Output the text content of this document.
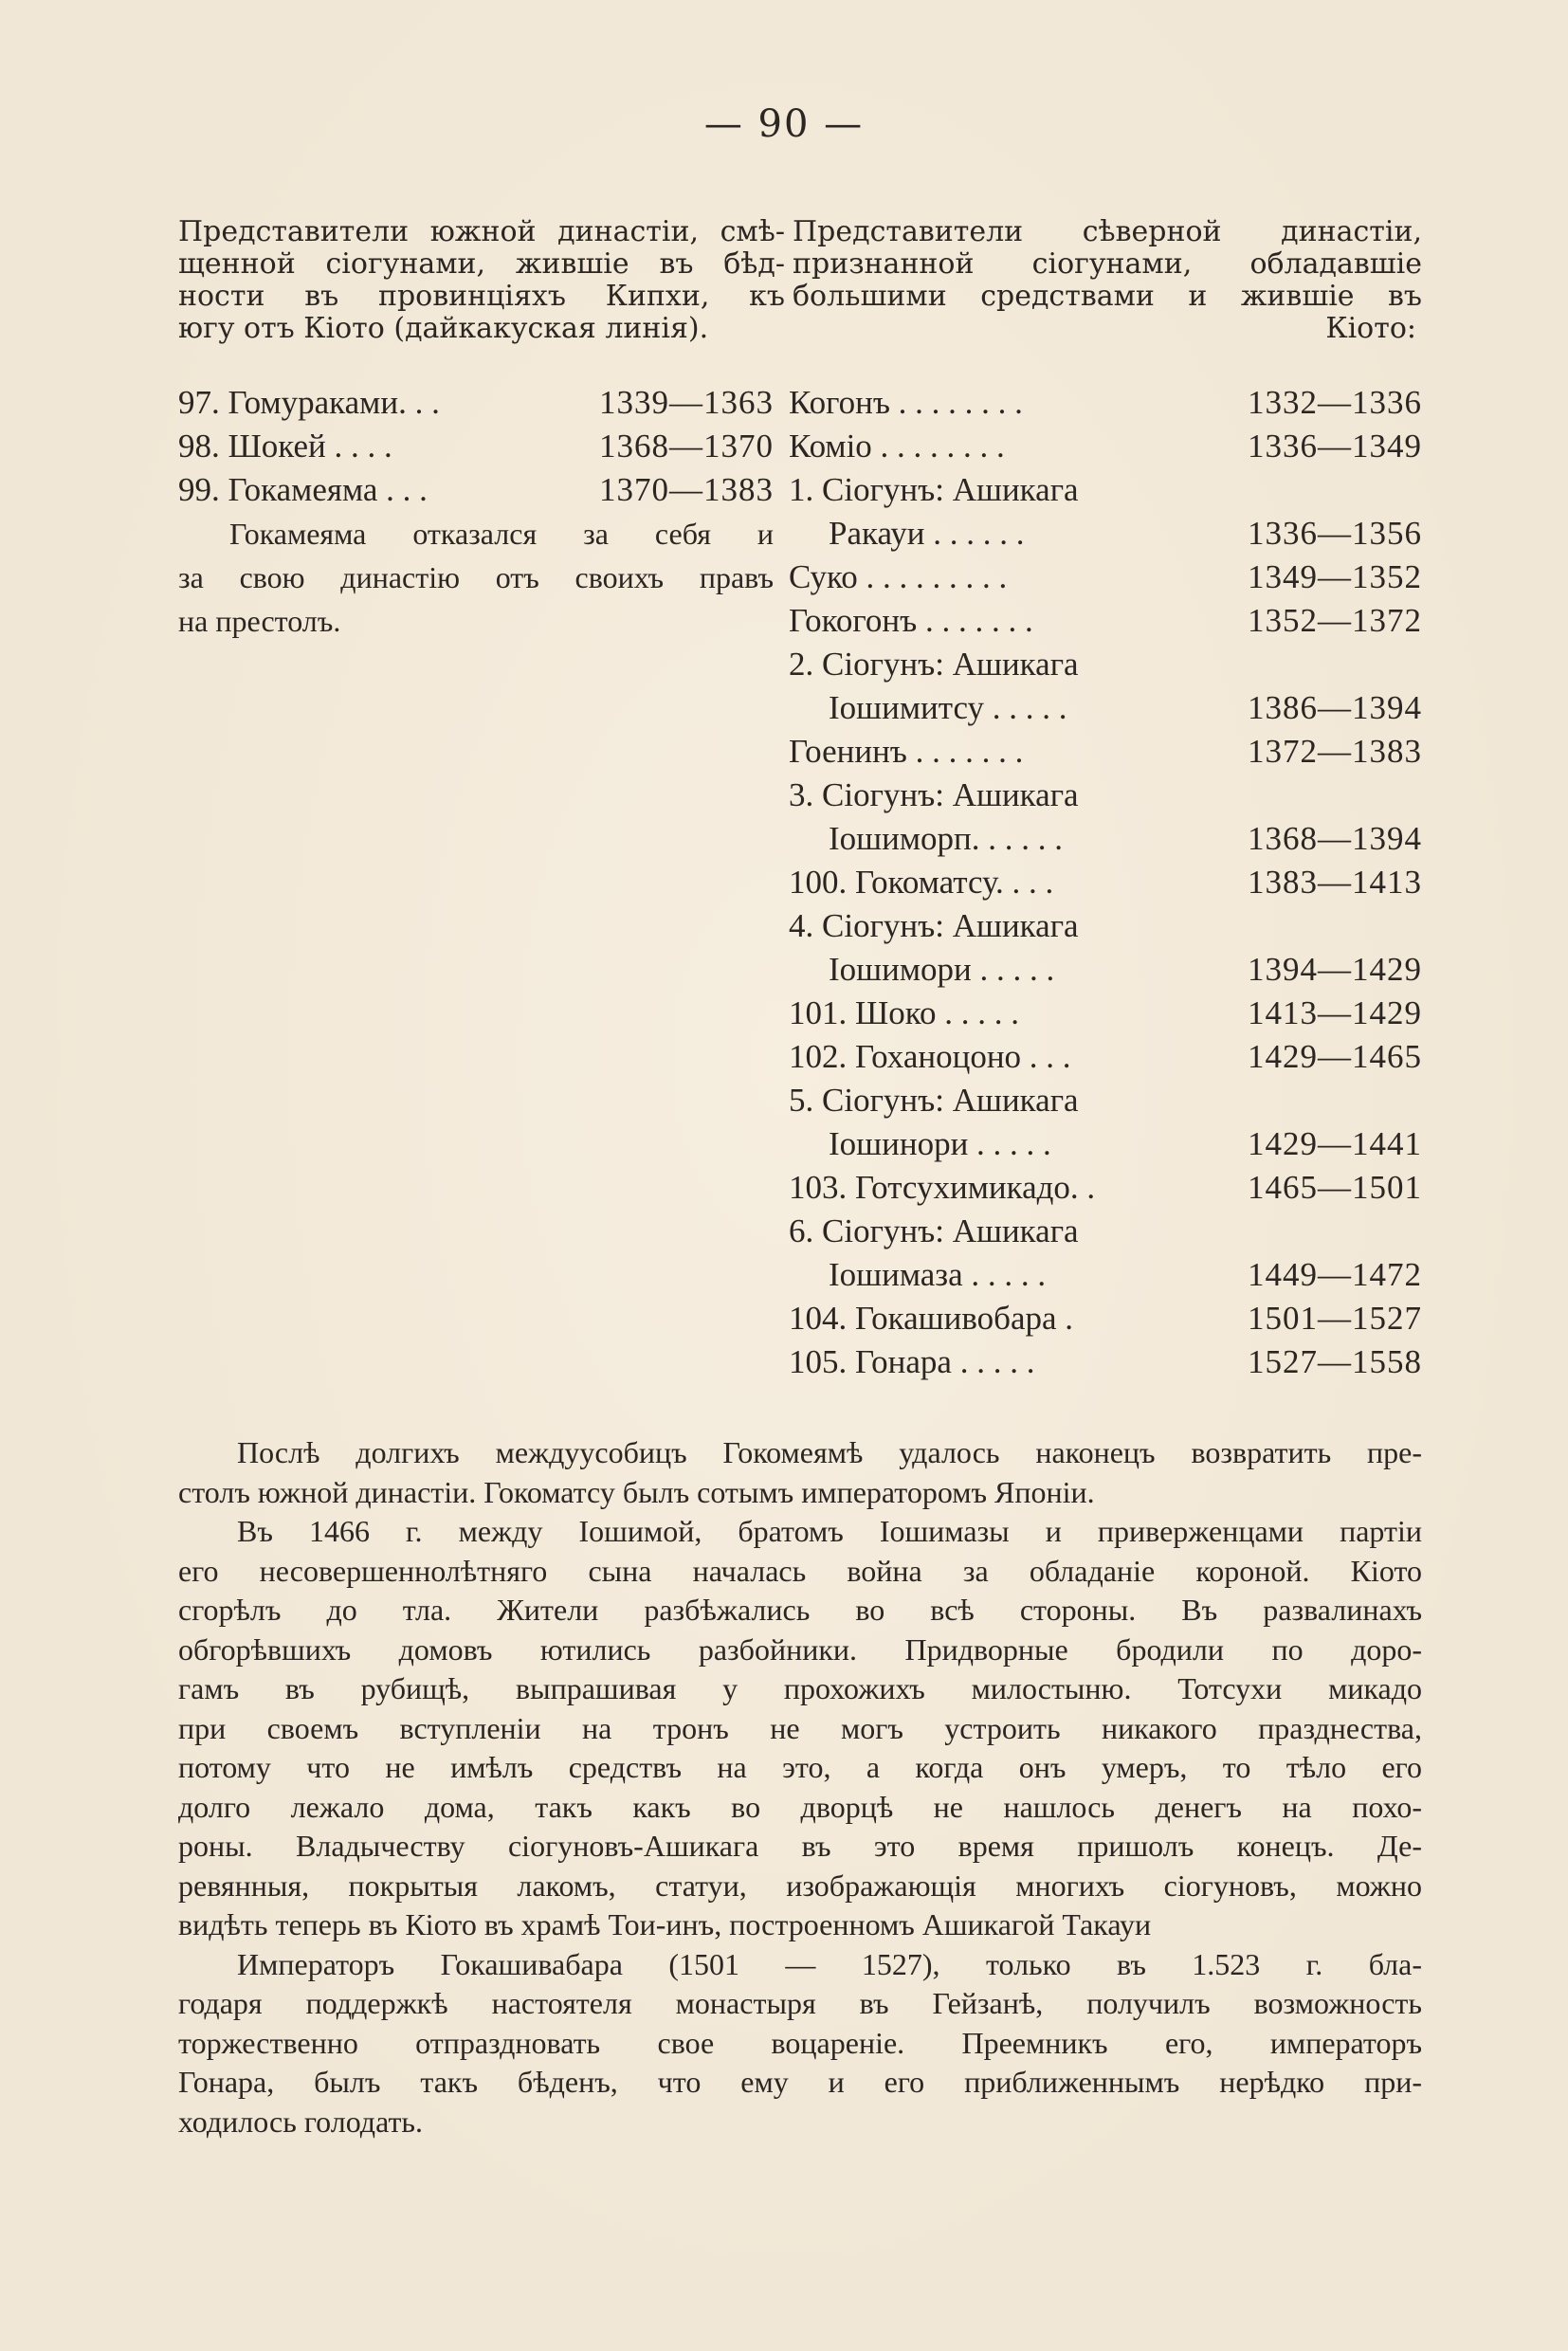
— 90 —
Представители южной династіи, смѣ-
щенной сіогунами, жившіе въ бѣд-
ности въ провинціяхъ Кипхи, къ
югу отъ Кіото (дайкакуская линія).
Представители сѣверной династіи,
признанной сіогунами, обладавшіе
большими средствами и жившіе въ
Кіото:
97. Гомураками. . .	1339—1363
98. Шокей . . . .	1368—1370
99. Гокамеяма . . .	1370—1383
Гокамеяма отказался за себя и
за свою династію отъ своихъ правъ
на престолъ.
Когонъ . . . . . . . .	1332—1336
Коміо . . . . . . . .	1336—1349
1. Сіогунъ: Ашикага
Ракауи . . . . . .	1336—1356
Суко . . . . . . . . .	1349—1352
Гокогонъ . . . . . . .	1352—1372
2. Сіогунъ: Ашикага
Іошимитсу . . . . .	1386—1394
Гоенинъ . . . . . . .	1372—1383
3. Сіогунъ: Ашикага
Іошиморп. . . . . .	1368—1394
100. Гокоматсу. . . .	1383—1413
4. Сіогунъ: Ашикага
Іошимори . . . . .	1394—1429
101. Шоко . . . . .	1413—1429
102. Гоханоцоно . . .	1429—1465
5. Сіогунъ: Ашикага
Іошинори . . . . .	1429—1441
103. Готсухимикадо. .	1465—1501
6. Сіогунъ: Ашикага
Іошимаза . . . . .	1449—1472
104. Гокашивобара .	1501—1527
105. Гонара . . . . .	1527—1558
Послѣ долгихъ междуусобицъ Гокомеямѣ удалось наконецъ возвратить пре-
столъ южной династіи. Гокоматсу былъ сотымъ императоромъ Японіи.
Въ 1466 г. между Іошимой, братомъ Іошимазы и приверженцами партіи
его несовершеннолѣтняго сына началась война за обладаніе короной. Кіото
сгорѣлъ до тла. Жители разбѣжались во всѣ стороны. Въ развалинахъ
обгорѣвшихъ домовъ ютились разбойники. Придворные бродили по доро-
гамъ въ рубищѣ, выпрашивая у прохожихъ милостыню. Тотсухи микадо
при своемъ вступленіи на тронъ не могъ устроить никакого празднества,
потому что не имѣлъ средствъ на это, а когда онъ умеръ, то тѣло его
долго лежало дома, такъ какъ во дворцѣ не нашлось денегъ на похо-
роны. Владычеству сіогуновъ-Ашикага въ это время пришолъ конецъ. Де-
ревянныя, покрытыя лакомъ, статуи, изображающія многихъ сіогуновъ, можно
видѣть теперь въ Кіото въ храмѣ Тои-инъ, построенномъ Ашикагой Такауи
Императоръ Гокашивабара (1501 — 1527), только въ 1.523 г. бла-
годаря поддержкѣ настоятеля монастыря въ Гейзанѣ, получилъ возможность
торжественно отпраздновать свое воцареніе. Преемникъ его, императоръ
Гонара, былъ такъ бѣденъ, что ему и его приближеннымъ нерѣдко при-
ходилось голодать.
